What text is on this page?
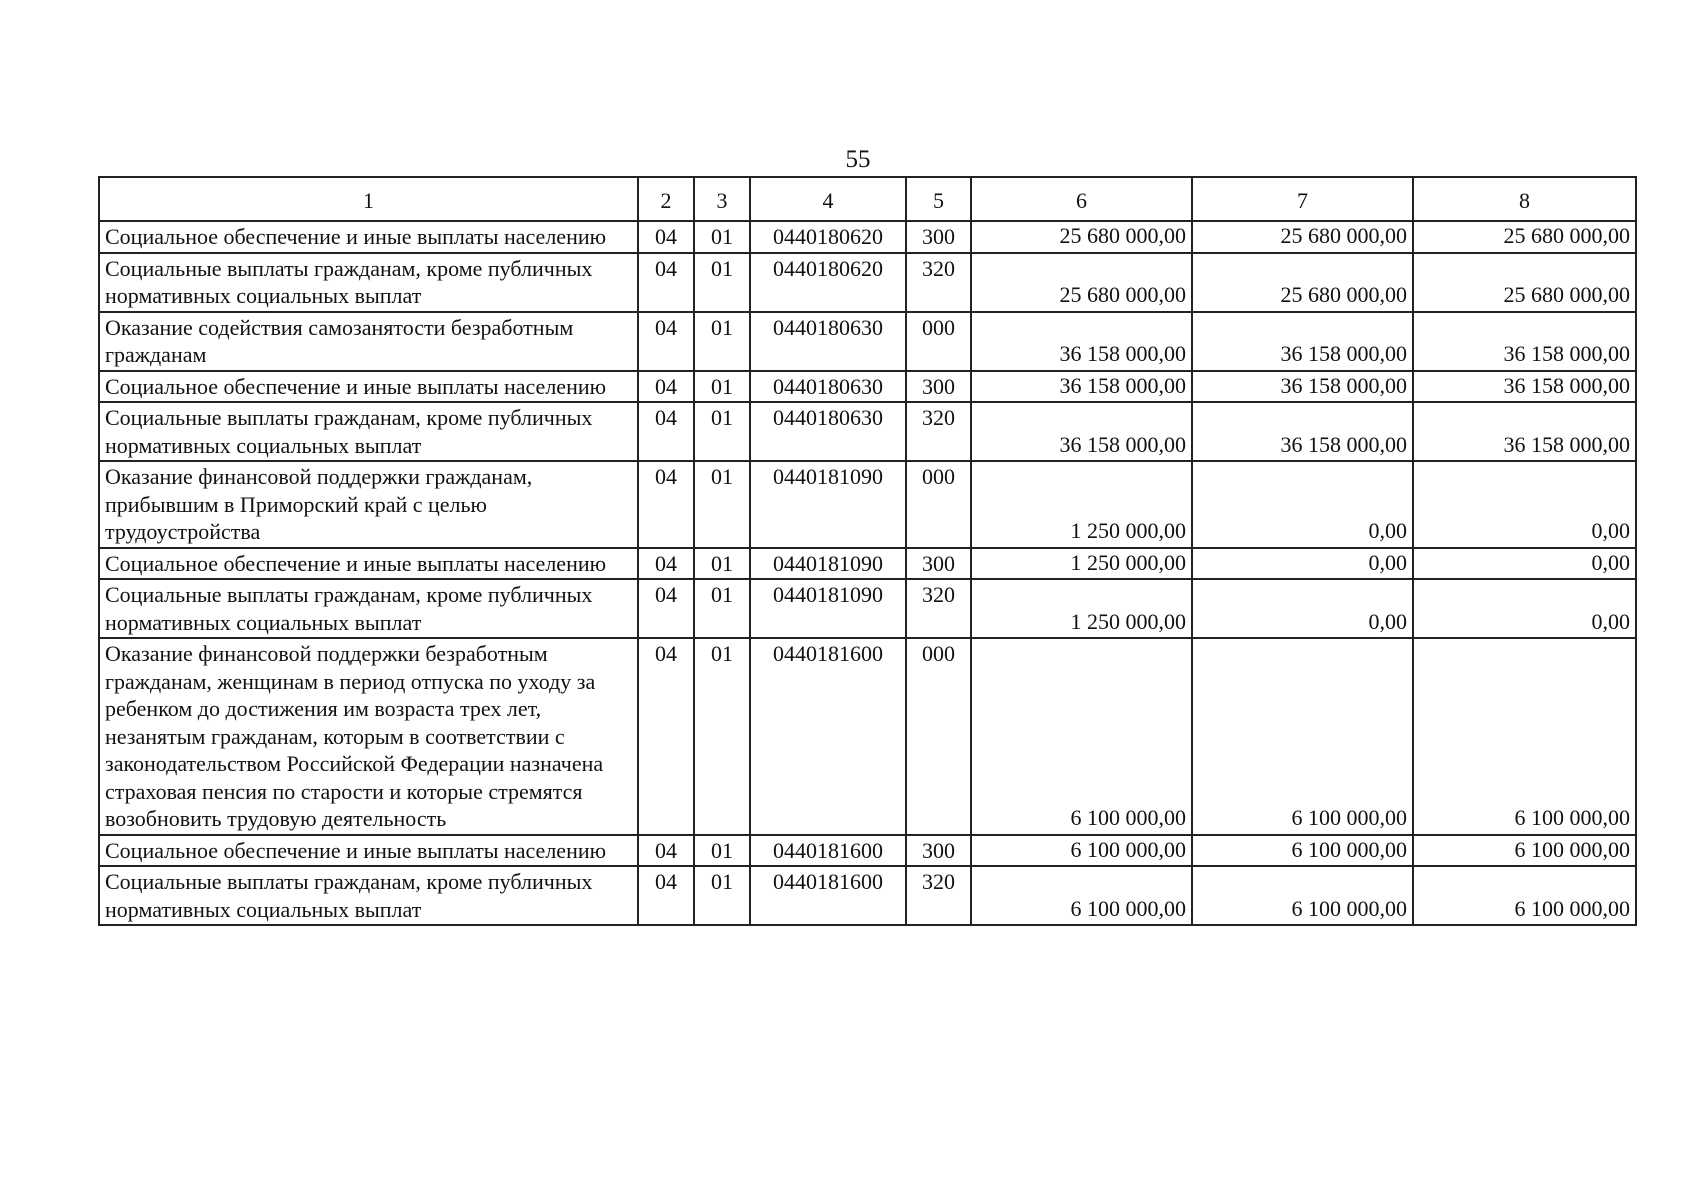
55
1	2	3	4	5	6	7	8
Социальное обеспечение и иные выплаты населению	04	01	0440180620	300	25 680 000,00	25 680 000,00	25 680 000,00
Социальные выплаты гражданам, кроме публичных нормативных социальных выплат	04	01	0440180620	320	25 680 000,00	25 680 000,00	25 680 000,00
Оказание содействия самозанятости безработным гражданам	04	01	0440180630	000	36 158 000,00	36 158 000,00	36 158 000,00
Социальное обеспечение и иные выплаты населению	04	01	0440180630	300	36 158 000,00	36 158 000,00	36 158 000,00
Социальные выплаты гражданам, кроме публичных нормативных социальных выплат	04	01	0440180630	320	36 158 000,00	36 158 000,00	36 158 000,00
Оказание финансовой поддержки гражданам, прибывшим в Приморский край с целью трудоустройства	04	01	0440181090	000	1 250 000,00	0,00	0,00
Социальное обеспечение и иные выплаты населению	04	01	0440181090	300	1 250 000,00	0,00	0,00
Социальные выплаты гражданам, кроме публичных нормативных социальных выплат	04	01	0440181090	320	1 250 000,00	0,00	0,00
Оказание финансовой поддержки безработным гражданам, женщинам в период отпуска по уходу за ребенком до достижения им возраста трех лет, незанятым гражданам, которым в соответствии с законодательством Российской Федерации назначена страховая пенсия по старости и которые стремятся возобновить трудовую деятельность	04	01	0440181600	000	6 100 000,00	6 100 000,00	6 100 000,00
Социальное обеспечение и иные выплаты населению	04	01	0440181600	300	6 100 000,00	6 100 000,00	6 100 000,00
Социальные выплаты гражданам, кроме публичных нормативных социальных выплат	04	01	0440181600	320	6 100 000,00	6 100 000,00	6 100 000,00
